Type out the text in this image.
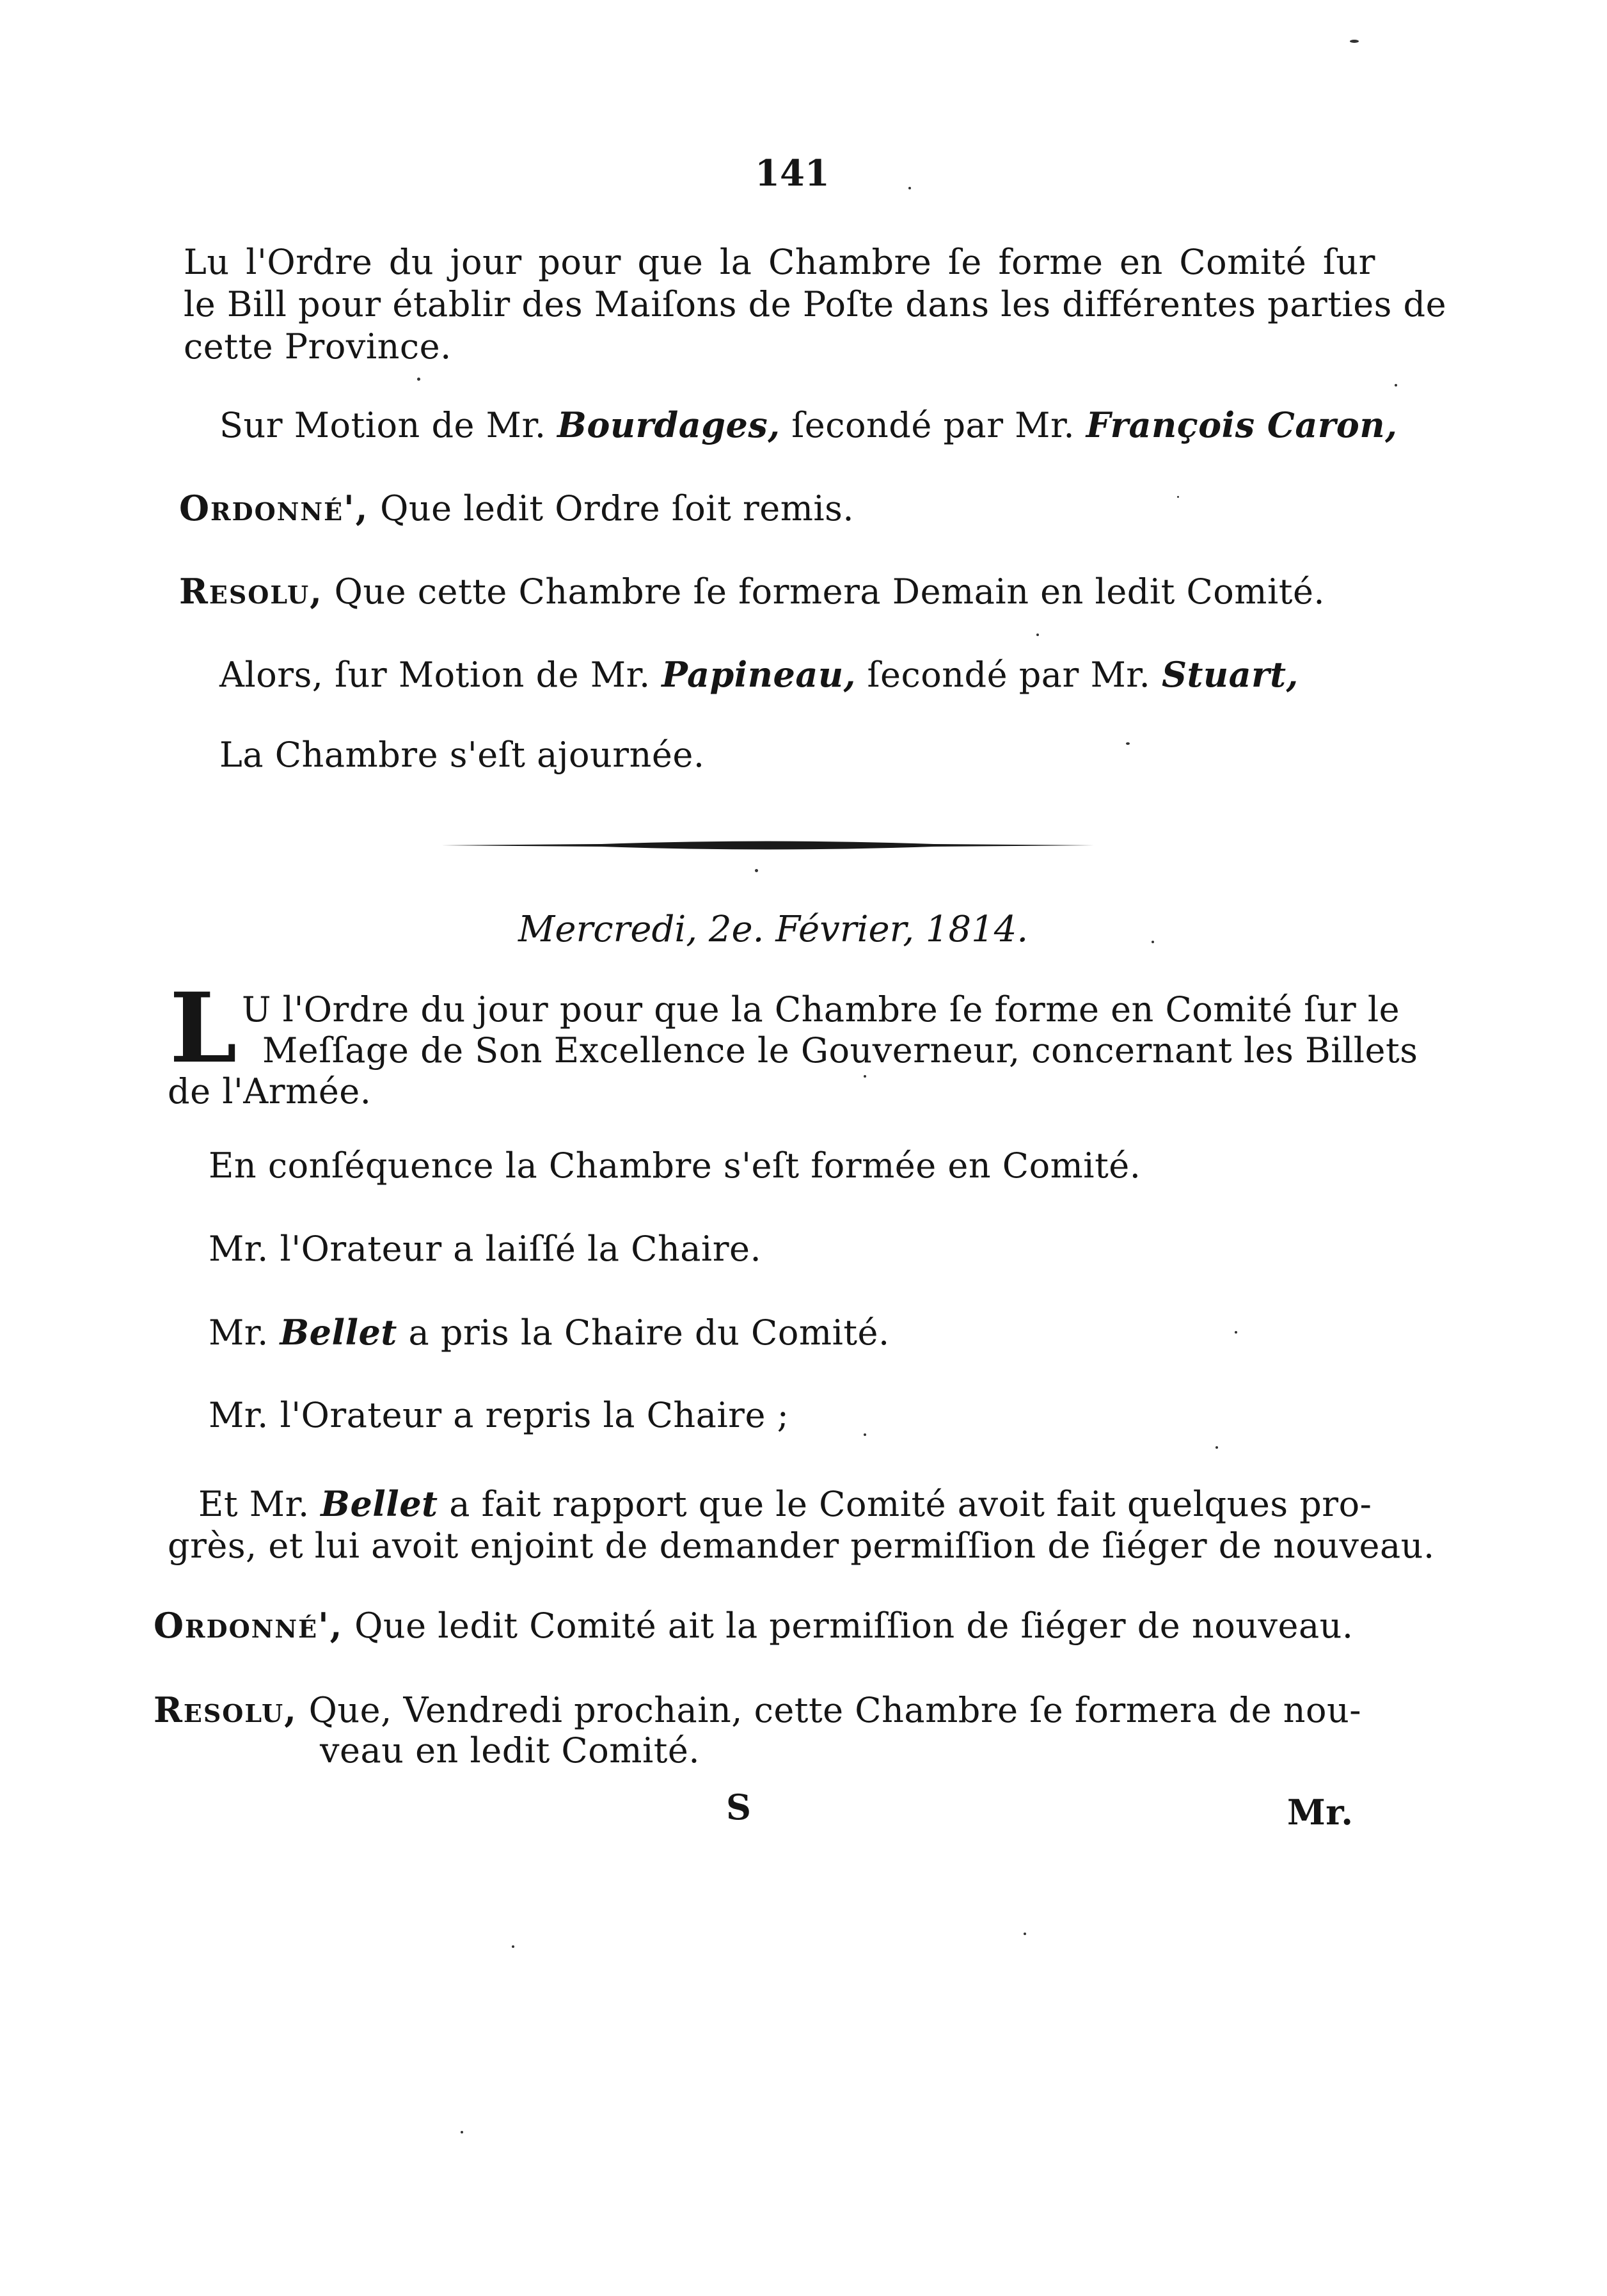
141
Lu l'Ordre du jour pour que la Chambre ſe forme en Comité ſur
le Bill pour établir des Maiſons de Poſte dans les différentes parties de
cette Province.
Sur Motion de Mr. Bourdages, ſecondé par Mr. François Caron,
Ordonné', Que ledit Ordre ſoit remis.
Resolu, Que cette Chambre ſe formera Demain en ledit Comité.
Alors, ſur Motion de Mr. Papineau, ſecondé par Mr. Stuart,
La Chambre s'eſt ajournée.
Mercredi, 2e. Février, 1814.
L U l'Ordre du jour pour que la Chambre ſe forme en Comité ſur le
Meſſage de Son Excellence le Gouverneur, concernant les Billets
de l'Armée.
En conſéquence la Chambre s'eſt formée en Comité.
Mr. l'Orateur a laiſſé la Chaire.
Mr. Bellet a pris la Chaire du Comité.
Mr. l'Orateur a repris la Chaire ;
Et Mr. Bellet a fait rapport que le Comité avoit fait quelques pro-
grès, et lui avoit enjoint de demander permiſſion de ſiéger de nouveau.
Ordonné', Que ledit Comité ait la permiſſion de ſiéger de nouveau.
Resolu, Que, Vendredi prochain, cette Chambre ſe formera de nou-
veau en ledit Comité.
S	Mr.
